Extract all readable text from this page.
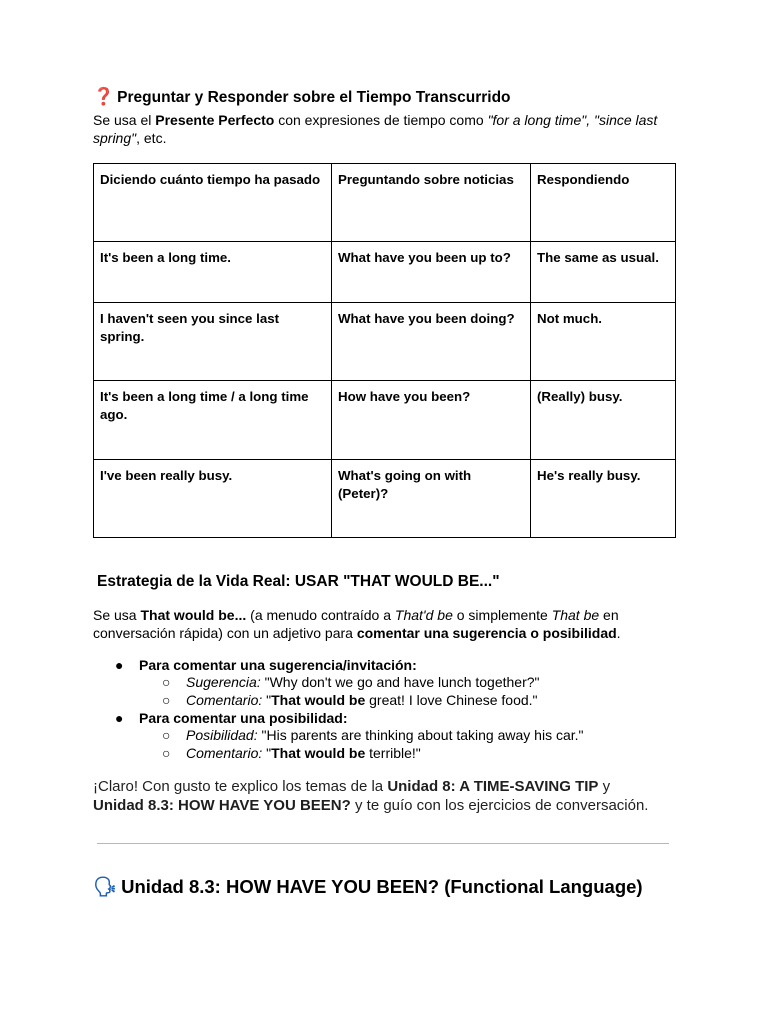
❓ Preguntar y Responder sobre el Tiempo Transcurrido
Se usa el Presente Perfecto con expresiones de tiempo como "for a long time", "since last spring", etc.
Diciendo cuánto tiempo ha pasado	Preguntando sobre noticias	Respondiendo
It's been a long time.	What have you been up to?	The same as usual.
I haven't seen you since last spring.	What have you been doing?	Not much.
It's been a long time / a long time ago.	How have you been?	(Really) busy.
I've been really busy.	What's going on with (Peter)?	He's really busy.
Estrategia de la Vida Real: USAR "THAT WOULD BE..."
Se usa That would be... (a menudo contraído a That'd be o simplemente That be en conversación rápida) con un adjetivo para comentar una sugerencia o posibilidad.
● Para comentar una sugerencia/invitación:
○ Sugerencia: "Why don't we go and have lunch together?"
○ Comentario: "That would be great! I love Chinese food."
● Para comentar una posibilidad:
○ Posibilidad: "His parents are thinking about taking away his car."
○ Comentario: "That would be terrible!"
¡Claro! Con gusto te explico los temas de la Unidad 8: A TIME-SAVING TIP y
Unidad 8.3: HOW HAVE YOU BEEN? y te guío con los ejercicios de conversación.
🗣 Unidad 8.3: HOW HAVE YOU BEEN? (Functional Language)
